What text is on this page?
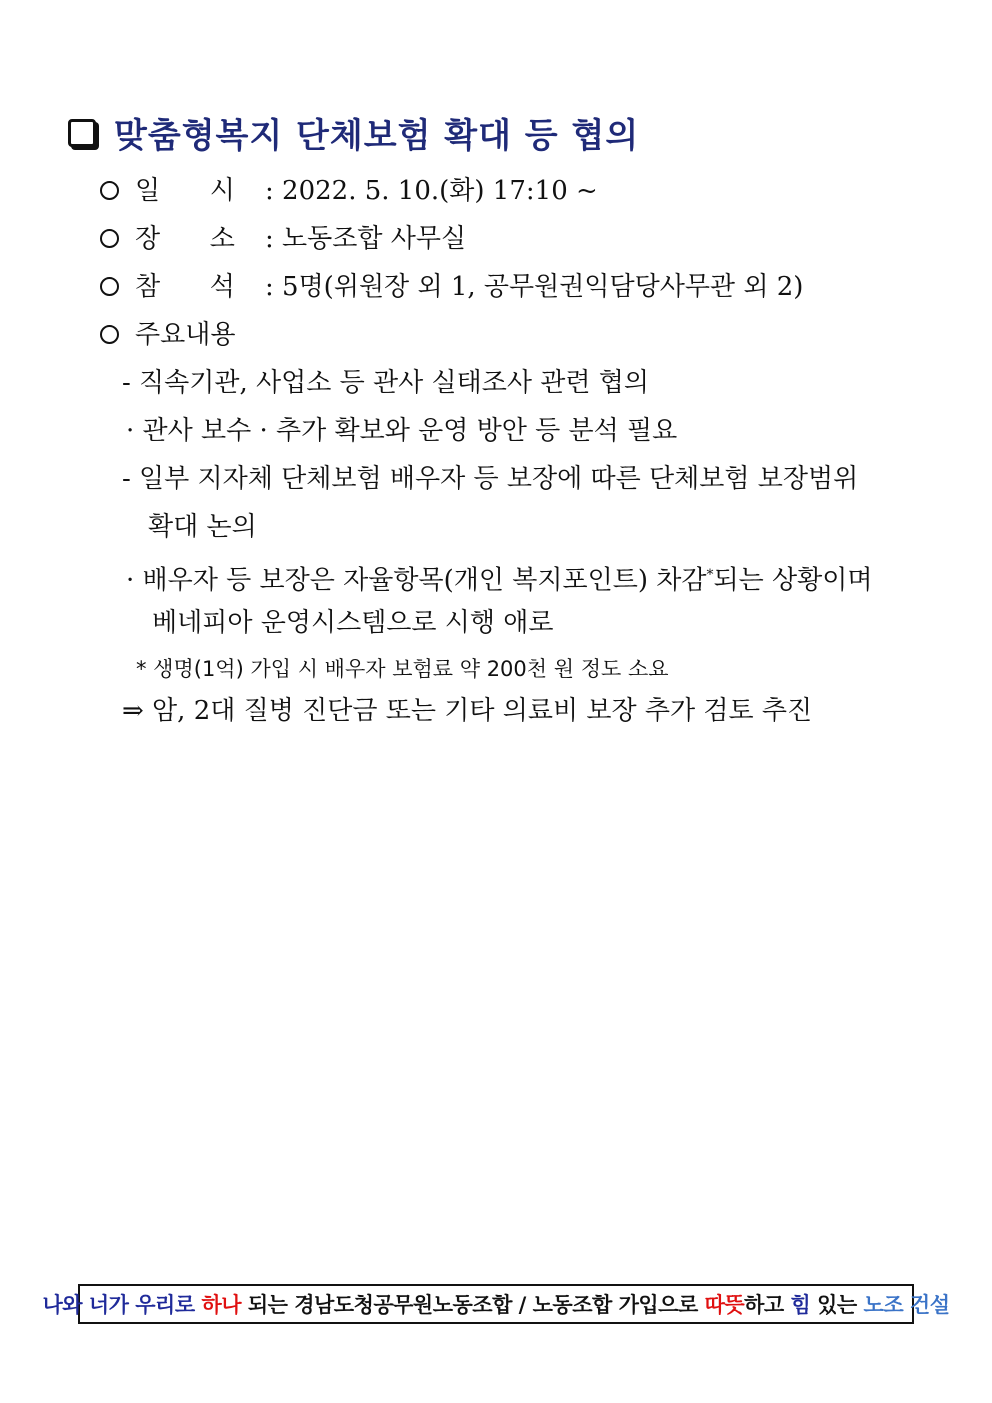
맞춤형복지 단체보험 확대 등 협의
일      시 : 2022. 5. 10.(화) 17:10 ~
장      소 : 노동조합 사무실
참      석 : 5명(위원장 외 1, 공무원권익담당사무관 외 2)
주요내용
- 직속기관, 사업소 등 관사 실태조사 관련 협의
· 관사 보수 · 추가 확보와 운영 방안 등 분석 필요
- 일부 지자체 단체보험 배우자 등 보장에 따른 단체보험 보장범위
확대 논의
· 배우자 등 보장은 자율항목(개인 복지포인트) 차감*되는 상황이며
베네피아 운영시스템으로 시행 애로
* 생명(1억) 가입 시 배우자 보험료 약 200천 원 정도 소요
⇒ 암, 2대 질병 진단금 또는 기타 의료비 보장 추가 검토 추진
나와 너가 우리로 하나 되는 경남도청공무원노동조합 / 노동조합 가입으로 따뜻 하고 힘 있는 노조 건설
